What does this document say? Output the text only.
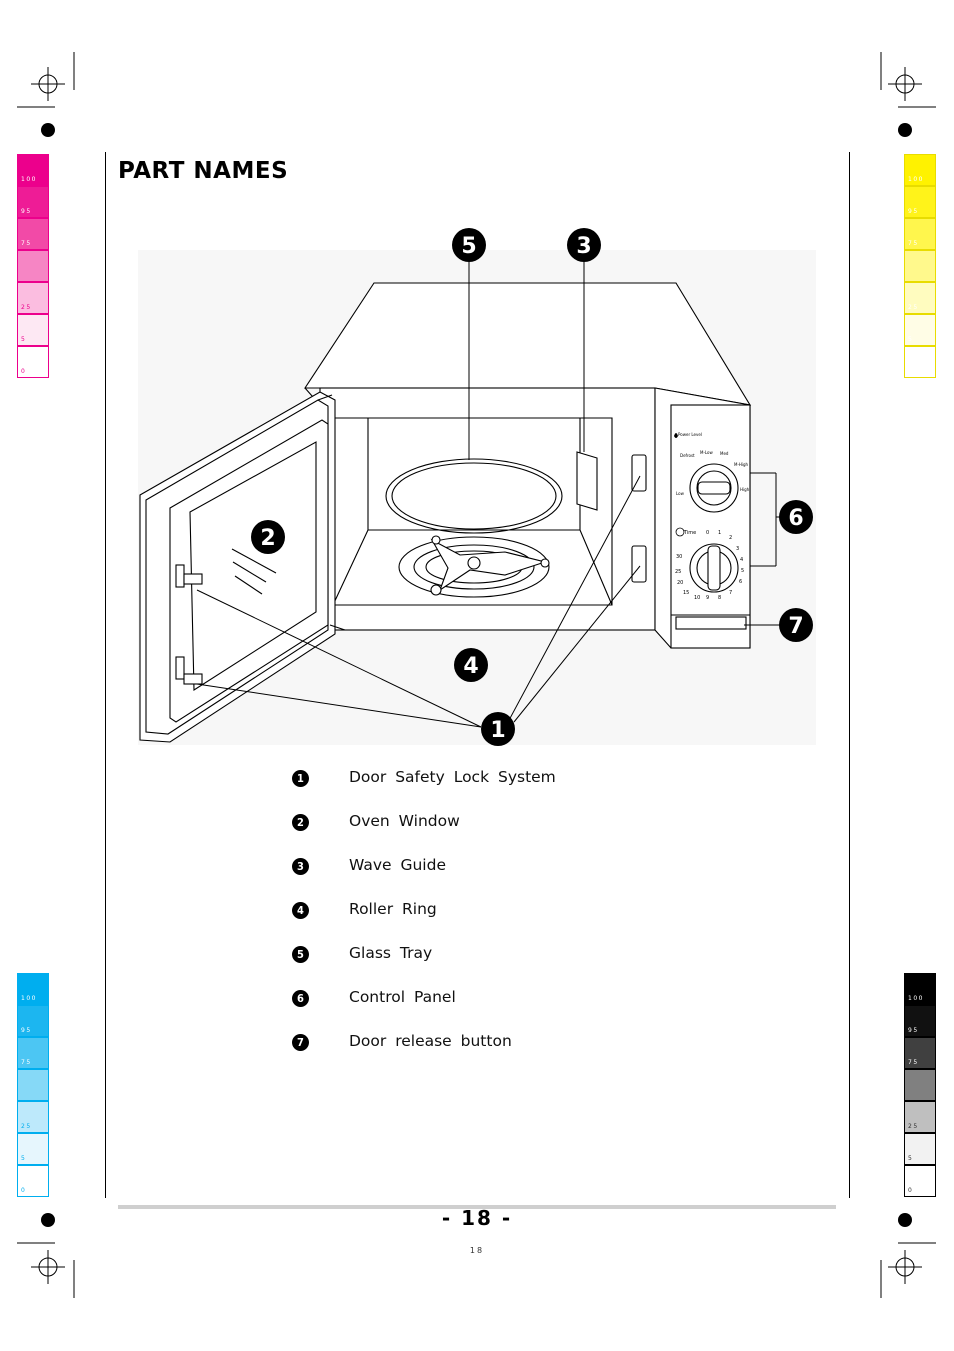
100
95
75
25
5
0
100
95
75
25
5
0
100
95
75
25
5
0
100
95
75
25
5
0
PART NAMES
Power Level
Defrost
M-Low Med
M-High
High
Low
Time 0 1
2
3
4
5
6
7
8
9
10
15
20
25
30
5	3
2
6
7
4
1
1	Door Safety Lock System
2	Oven Window
3	Wave Guide
4	Roller Ring
5	Glass Tray
6	Control Panel
7	Door release button
- 18 -
18
